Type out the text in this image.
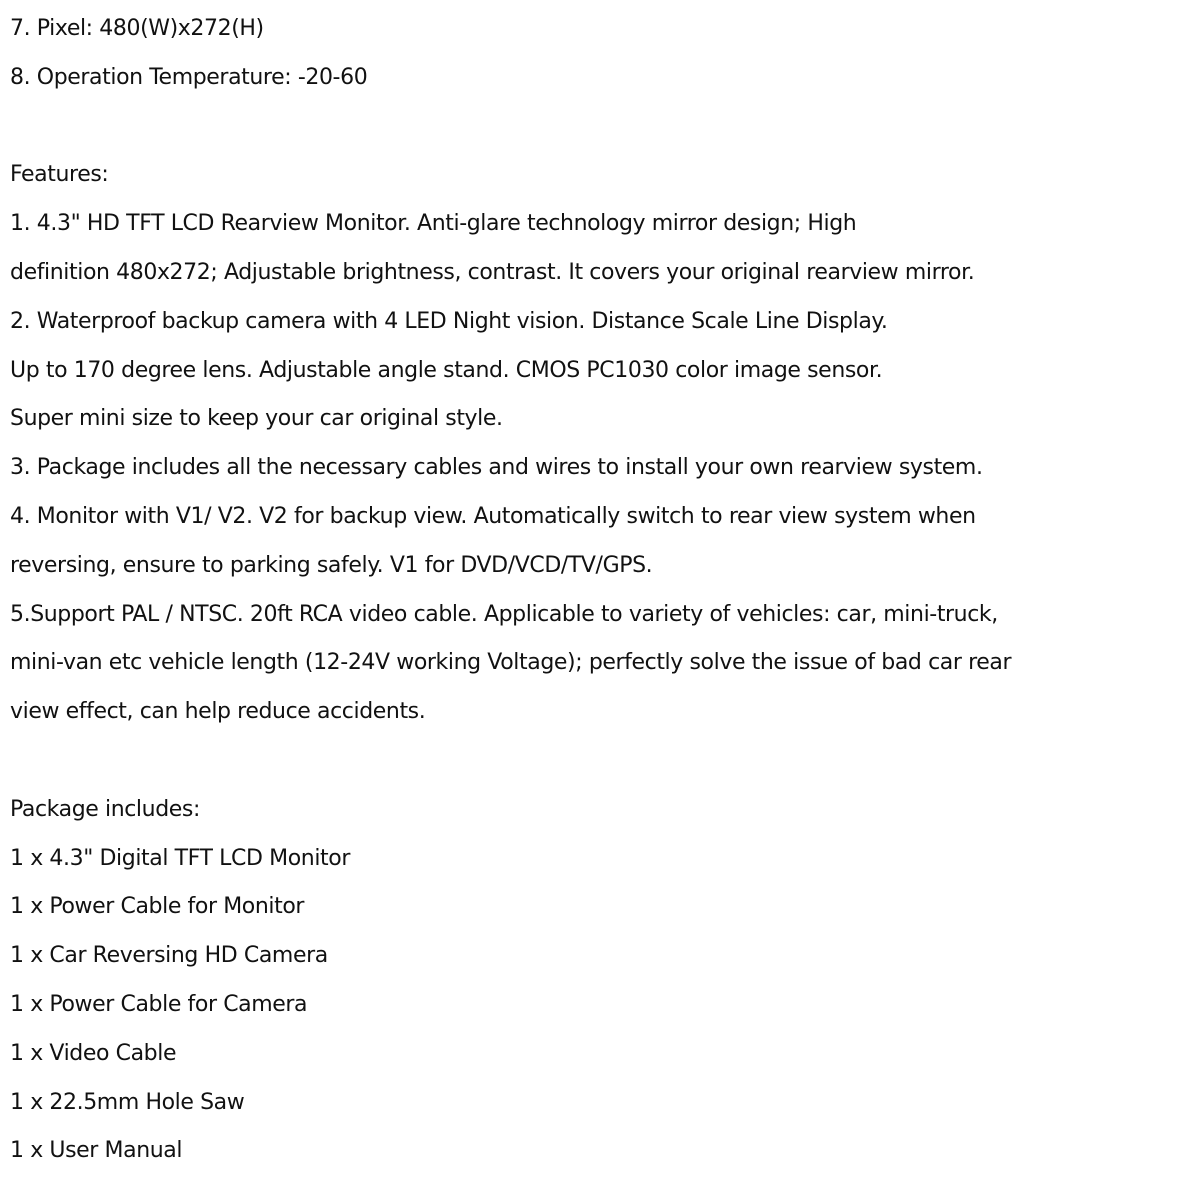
7. Pixel: 480(W)x272(H)

8. Operation Temperature: -20-60

Features:

1. 4.3" HD TFT LCD Rearview Monitor. Anti-glare technology mirror design; High

definition 480x272; Adjustable brightness, contrast. It covers your original rearview mirror.

2. Waterproof backup camera with 4 LED Night vision. Distance Scale Line Display.

Up to 170 degree lens. Adjustable angle stand. CMOS PC1030 color image sensor.

Super mini size to keep your car original style.

3. Package includes all the necessary cables and wires to install your own rearview system.

4. Monitor with V1/ V2. V2 for backup view. Automatically switch to rear view system when

reversing, ensure to parking safely. V1 for DVD/VCD/TV/GPS.

5.Support PAL / NTSC. 20ft RCA video cable. Applicable to variety of vehicles: car, mini-truck,

mini-van etc vehicle length (12-24V working Voltage); perfectly solve the issue of bad car rear

view effect, can help reduce accidents.

Package includes:

1 x 4.3" Digital TFT LCD Monitor

1 x Power Cable for Monitor

1 x Car Reversing HD Camera

1 x Power Cable for Camera

1 x Video Cable

1 x 22.5mm Hole Saw

1 x User Manual
